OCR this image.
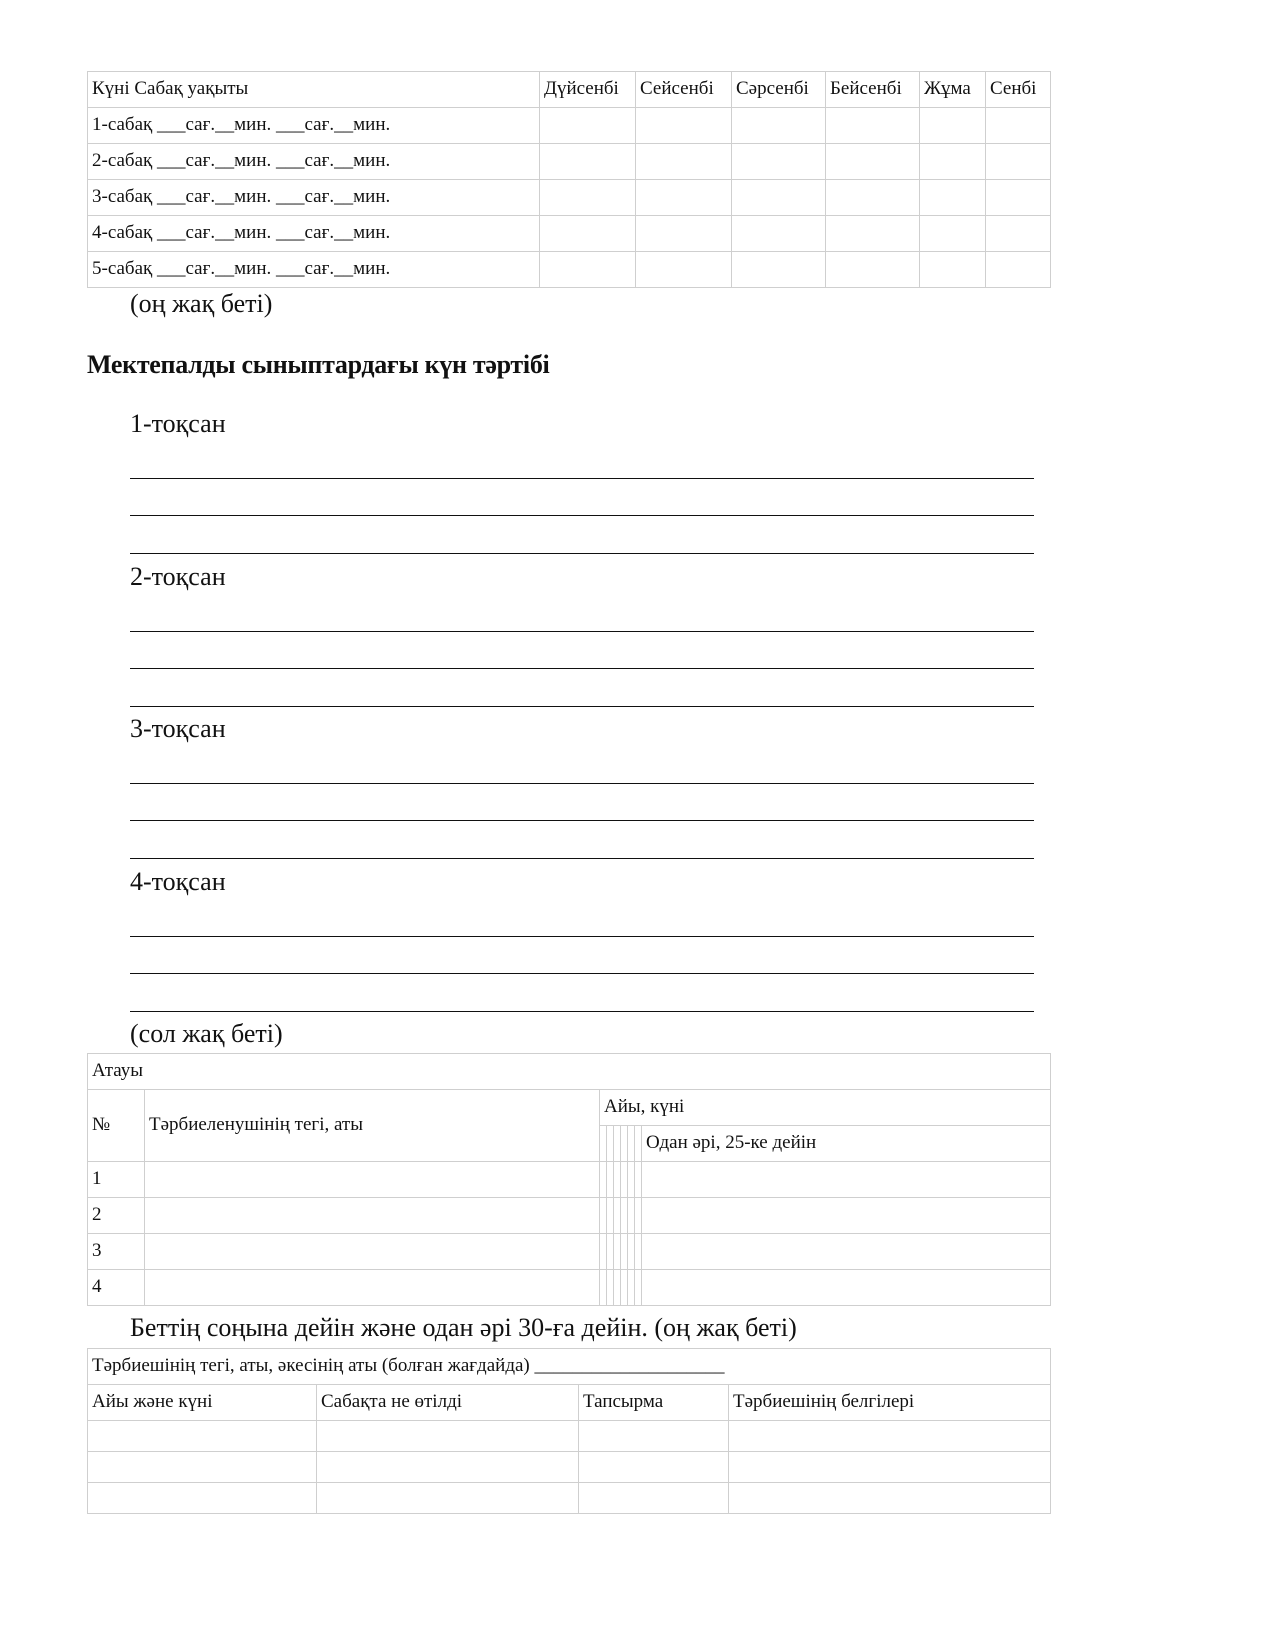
Күні Сабақ уақыты	Дүйсенбі	Сейсенбі	Сәрсенбі	Бейсенбі	Жұма	Сенбі
1-сабақ ___сағ.__мин. ___сағ.__мин.						
2-сабақ ___сағ.__мин. ___сағ.__мин.						
3-сабақ ___сағ.__мин. ___сағ.__мин.						
4-сабақ ___сағ.__мин. ___сағ.__мин.						
5-сабақ ___сағ.__мин. ___сағ.__мин.						
(оң жақ беті)
Мектепалды сыныптардағы күн тәртібі
1-тоқсан
2-тоқсан
3-тоқсан
4-тоқсан
(сол жақ беті)
Атауы								
№	Тәрбиеленушінің тегі, аты	Айы, күні						
								Одан әрі, 25-ке дейін
1								
2								
3								
4								
Беттің соңына дейін және одан әрі 30-ға дейін. (оң жақ беті)
Тәрбиешінің тегі, аты, әкесінің аты (болған жағдайда) ____________________			
Айы және күні	Сабақта не өтілді	Тапсырма	Тәрбиешінің белгілері
